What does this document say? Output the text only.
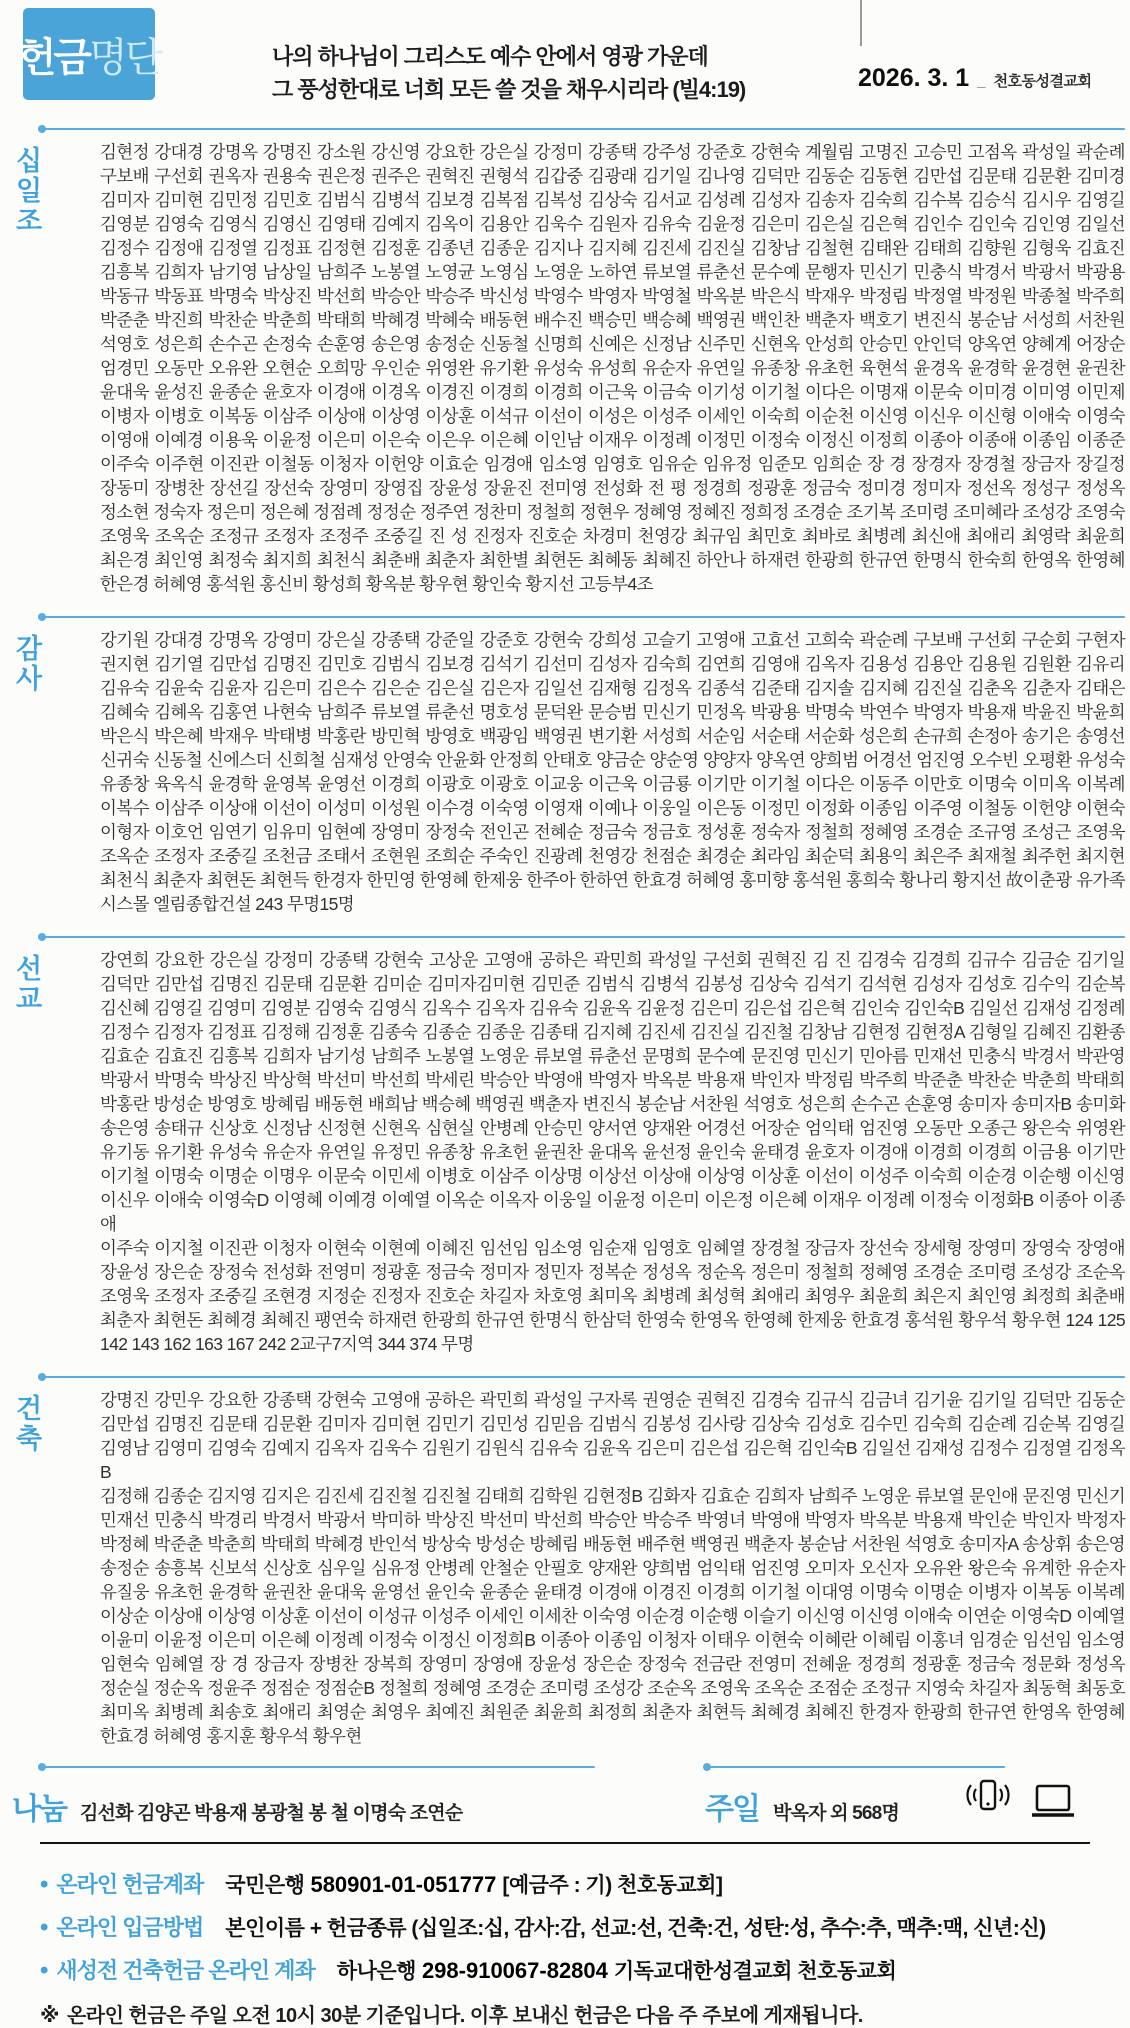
헌금 명단	나의 하나님이 그리스도 예수 안에서 영광 가운데
그 풍성한대로 너희 모든 쓸 것을 채우시리라 (빌4:19)	2026. 3. 1 _ 천호동성결교회
십
일
조
김현정 강대경 강명옥 강명진 강소원 강신영 강요한 강은실 강정미 강종택 강주성 강준호 강현숙 계월림 고명진 고승민 고점옥 곽성일 곽순례
구보배 구선회 권옥자 권용숙 권은정 권주은 권혁진 권형석 김갑중 김광래 김기일 김나영 김덕만 김동순 김동현 김만섭 김문태 김문환 김미경
김미자 김미현 김민정 김민호 김범식 김병석 김보경 김복점 김복성 김상숙 김서교 김성례 김성자 김송자 김숙희 김수복 김승식 김시우 김영길
김영분 김영숙 김영식 김영신 김영태 김예지 김옥이 김용안 김욱수 김원자 김유숙 김윤정 김은미 김은실 김은혁 김인수 김인숙 김인영 김일선
김정수 김정애 김정열 김정표 김정현 김정훈 김종년 김종운 김지나 김지혜 김진세 김진실 김창남 김철현 김태완 김태희 김향원 김형욱 김효진
김흥복 김희자 남기영 남상일 남희주 노봉열 노영균 노영심 노영운 노하연 류보열 류춘선 문수예 문행자 민신기 민충식 박경서 박광서 박광용
박동규 박동표 박명숙 박상진 박선희 박승안 박승주 박신성 박영수 박영자 박영철 박옥분 박은식 박재우 박정림 박정열 박정원 박종철 박주희
박준춘 박진희 박찬순 박춘희 박태희 박혜경 박혜숙 배동현 배수진 백승민 백승혜 백영권 백인찬 백춘자 백호기 변진식 봉순남 서성희 서찬원
석영호 성은희 손수곤 손정숙 손훈영 송은영 송정순 신동철 신명희 신예은 신정남 신주민 신현옥 안성희 안승민 안인덕 양옥연 양혜계 어장순
엄경민 오동만 오유완 오현순 오희망 우인순 위영완 유기환 유성숙 유성희 유순자 유연일 유종창 유초헌 육현석 윤경옥 윤경학 윤경현 윤권찬
윤대욱 윤성진 윤종순 윤호자 이경애 이경옥 이경진 이경희 이경희 이근욱 이금숙 이기성 이기철 이다은 이명재 이문숙 이미경 이미영 이민제
이병자 이병호 이복동 이삼주 이상애 이상영 이상훈 이석규 이선이 이성은 이성주 이세인 이숙희 이순천 이신영 이신우 이신형 이애숙 이영숙
이영애 이예경 이용욱 이윤정 이은미 이은숙 이은우 이은혜 이인남 이재우 이정례 이정민 이정숙 이정신 이정희 이종아 이종애 이종임 이종준
이주숙 이주현 이진관 이철동 이청자 이헌양 이효순 임경애 임소영 임영호 임유순 임유정 임준모 임희순 장 경 장경자 장경철 장금자 장길정
장동미 장병찬 장선길 장선숙 장영미 장영집 장윤성 장윤진 전미영 전성화 전 평 정경희 정광훈 정금숙 정미경 정미자 정선옥 정성구 정성옥
정소현 정숙자 정은미 정은혜 정점례 정정순 정주연 정찬미 정철희 정현우 정혜영 정혜진 정희정 조경순 조기복 조미령 조미혜라 조성강 조영숙
조영욱 조옥순 조정규 조정자 조정주 조중길 진 성 진정자 진호순 차경미 천영강 최규임 최민호 최바로 최병례 최신애 최애리 최영락 최윤희
최은경 최인영 최정숙 최지희 최천식 최춘배 최춘자 최한별 최현돈 최혜동 최혜진 하안나 하재련 한광희 한규연 한명식 한숙희 한영옥 한영혜
한은경 허혜영 홍석원 홍신비 황성희 황옥분 황우현 황인숙 황지선 고등부4조
감
사
강기원 강대경 강명옥 강영미 강은실 강종택 강준일 강준호 강현숙 강희성 고슬기 고영애 고효선 고희숙 곽순례 구보배 구선회 구순회 구현자
권지현 김기열 김만섭 김명진 김민호 김범식 김보경 김석기 김선미 김성자 김숙희 김연희 김영애 김옥자 김용성 김용안 김용원 김원환 김유리
김유숙 김윤숙 김윤자 김은미 김은수 김은순 김은실 김은자 김일선 김재형 김정옥 김종석 김준태 김지솔 김지혜 김진실 김춘옥 김춘자 김태은
김혜숙 김혜옥 김홍연 나현숙 남희주 류보열 류춘선 명호성 문덕완 문승범 민신기 민정옥 박광용 박명숙 박연수 박영자 박용재 박윤진 박윤희
박은식 박은혜 박재우 박태병 박홍란 방민혁 방영호 백광임 백영권 변기환 서성희 서순임 서순태 서순화 성은희 손규희 손정아 송기은 송영선
신귀숙 신동철 신에스더 신희철 심재성 안영숙 안윤화 안정희 안태호 양금순 양순영 양양자 양옥연 양희범 어경선 엄진영 오수빈 오평환 유성숙
유종창 육옥식 윤경학 윤영복 윤영선 이경희 이광호 이광호 이교웅 이근욱 이금룡 이기만 이기철 이다은 이동주 이만호 이명숙 이미옥 이복례
이복수 이삼주 이상애 이선이 이성미 이성원 이수경 이숙영 이영재 이예나 이웅일 이은동 이정민 이정화 이종임 이주영 이철동 이헌양 이현숙
이형자 이호언 임연기 임유미 임현예 장영미 장정숙 전인곤 전혜순 정금숙 정금호 정성훈 정숙자 정철희 정혜영 조경순 조규영 조성근 조영욱
조옥순 조정자 조중길 조천금 조태서 조현원 조희순 주숙인 진광례 천영강 천점순 최경순 최라임 최순덕 최용익 최은주 최재철 최주헌 최지현
최천식 최춘자 최현돈 최현득 한경자 한민영 한영혜 한제웅 한주아 한하연 한효경 허혜영 홍미향 홍석원 홍희숙 황나리 황지선 故이춘광 유가족
시스몰 엘림종합건설 243 무명15명
선
교
강연희 강요한 강은실 강정미 강종택 강현숙 고상운 고영애 공하은 곽민희 곽성일 구선회 권혁진 김 진 김경숙 김경희 김규수 김금순 김기일
김덕만 김만섭 김명진 김문태 김문환 김미순 김미자김미현 김민준 김범식 김병석 김봉성 김상숙 김석기 김석현 김성자 김성호 김수익 김순복
김신혜 김영길 김영미 김영분 김영숙 김영식 김옥수 김옥자 김유숙 김윤옥 김윤정 김은미 김은섭 김은혁 김인숙 김인숙B 김일선 김재성 김정례
김정수 김정자 김정표 김정해 김정훈 김종숙 김종순 김종운 김종태 김지혜 김진세 김진실 김진철 김창남 김현정 김현정A 김형일 김혜진 김환종
김효순 김효진 김흥복 김희자 남기성 남희주 노봉열 노영운 류보열 류춘선 문명희 문수예 문진영 민신기 민아름 민재선 민충식 박경서 박관영
박광서 박명숙 박상진 박상혁 박선미 박선희 박세린 박승안 박영애 박영자 박옥분 박용재 박인자 박정림 박주희 박준춘 박찬순 박춘희 박태희
박홍란 방성순 방영호 방혜림 배동현 배희남 백승혜 백영권 백춘자 변진식 봉순남 서찬원 석영호 성은희 손수곤 손훈영 송미자 송미자B 송미화
송은영 송태규 신상호 신정남 신정현 신현옥 심현실 안병례 안승민 양서연 양재완 어경선 어장순 엄익태 엄진영 오동만 오종근 왕은숙 위영완
유기동 유기환 유성숙 유순자 유연일 유정민 유종창 유초헌 윤권찬 윤대옥 윤선정 윤인숙 윤태경 윤호자 이경애 이경희 이경희 이금용 이기만
이기철 이명숙 이명순 이명우 이문숙 이민세 이병호 이삼주 이상명 이상선 이상애 이상영 이상훈 이선이 이성주 이숙희 이순경 이순행 이신영
이신우 이애숙 이영숙D 이영혜 이예경 이예열 이옥순 이옥자 이웅일 이윤정 이은미 이은정 이은혜 이재우 이정례 이정숙 이정화B 이종아 이종애
이주숙 이지철 이진관 이청자 이현숙 이현예 이혜진 임선임 임소영 임순재 임영호 임혜열 장경철 장금자 장선숙 장세형 장영미 장영숙 장영애
장윤성 장은순 장정숙 전성화 전영미 정광훈 정금숙 정미자 정민자 정복순 정성옥 정순옥 정은미 정철희 정혜영 조경순 조미령 조성강 조순옥
조영욱 조정자 조중길 조현경 지정순 진정자 진호순 차길자 차호영 최미옥 최병례 최성혁 최애리 최영우 최윤희 최은지 최인영 최정희 최춘배
최춘자 최현돈 최혜경 최혜진 팽연숙 하재련 한광희 한규연 한명식 한삼덕 한영숙 한영옥 한영혜 한제웅 한효경 홍석원 황우석 황우현 124 125
142 143 162 163 167 242 2교구7지역 344 374 무명
건
축
강명진 강민우 강요한 강종택 강현숙 고영애 공하은 곽민희 곽성일 구자록 권영순 권혁진 김경숙 김규식 김금녀 김기윤 김기일 김덕만 김동순
김만섭 김명진 김문태 김문환 김미자 김미현 김민기 김민성 김믿음 김범식 김봉성 김사랑 김상숙 김성호 김수민 김숙희 김순례 김순복 김영길
김영남 김영미 김영숙 김예지 김옥자 김욱수 김원기 김원식 김유숙 김윤옥 김은미 김은섭 김은혁 김인숙B 김일선 김재성 김정수 김정열 김정옥B
김정해 김종순 김지영 김지은 김진세 김진철 김진철 김태희 김학원 김현정B 김화자 김효순 김희자 남희주 노영운 류보열 문인애 문진영 민신기
민재선 민충식 박경리 박경서 박광서 박미하 박상진 박선미 박선희 박승안 박승주 박영녀 박영애 박영자 박옥분 박용재 박인순 박인자 박정자
박정혜 박준춘 박춘희 박태희 박혜경 반인석 방상숙 방성순 방혜림 배동현 배주현 백영권 백춘자 봉순남 서찬원 석영호 송미자A 송상휘 송은영
송정순 송흥복 신보석 신상호 심우일 심유정 안병례 안철순 안필호 양재완 양희범 엄익태 엄진영 오미자 오신자 오유완 왕은숙 유계한 유순자
유질웅 유초헌 윤경학 윤권찬 윤대욱 윤영선 윤인숙 윤종순 윤태경 이경애 이경진 이경희 이기철 이대영 이명숙 이명순 이병자 이복동 이복례
이상순 이상애 이상영 이상훈 이선이 이성규 이성주 이세인 이세찬 이숙영 이순경 이순행 이슬기 이신영 이신영 이애숙 이연순 이영숙D 이예열
이윤미 이윤정 이은미 이은혜 이정례 이정숙 이정신 이정희B 이종아 이종임 이청자 이태우 이현숙 이혜란 이혜림 이홍녀 임경순 임선임 임소영
임현숙 임혜열 장 경 장금자 장병찬 장복희 장영미 장영애 장윤성 장은순 장정숙 전금란 전영미 전혜윤 정경희 정광훈 정금숙 정문화 정성옥
정순실 정순옥 정윤주 정점순 정점순B 정철희 정혜영 조경순 조미령 조성강 조순옥 조영욱 조옥순 조점순 조정규 지영숙 차길자 최동혁 최동호
최미옥 최병례 최송호 최애리 최영순 최영우 최예진 최원준 최윤희 최정희 최춘자 최현득 최혜경 최혜진 한경자 한광희 한규연 한영옥 한영혜
한효경 허혜영 홍지훈 황우석 황우현
나눔 김선화 김양곤 박용재 봉광철 봉 철 이명숙 조연순	주일 박옥자 외 568명
• 온라인 헌금계좌 국민은행 580901-01-051777 [예금주 : 기) 천호동교회]
• 온라인 입금방법 본인이름 + 헌금종류 (십일조:십, 감사:감, 선교:선, 건축:건, 성탄:성, 추수:추, 맥추:맥, 신년:신)
• 새성전 건축헌금 온라인 계좌 하나은행 298-910067-82804 기독교대한성결교회 천호동교회
※ 온라인 헌금은 주일 오전 10시 30분 기준입니다. 이후 보내신 헌금은 다음 주 주보에 게재됩니다.
